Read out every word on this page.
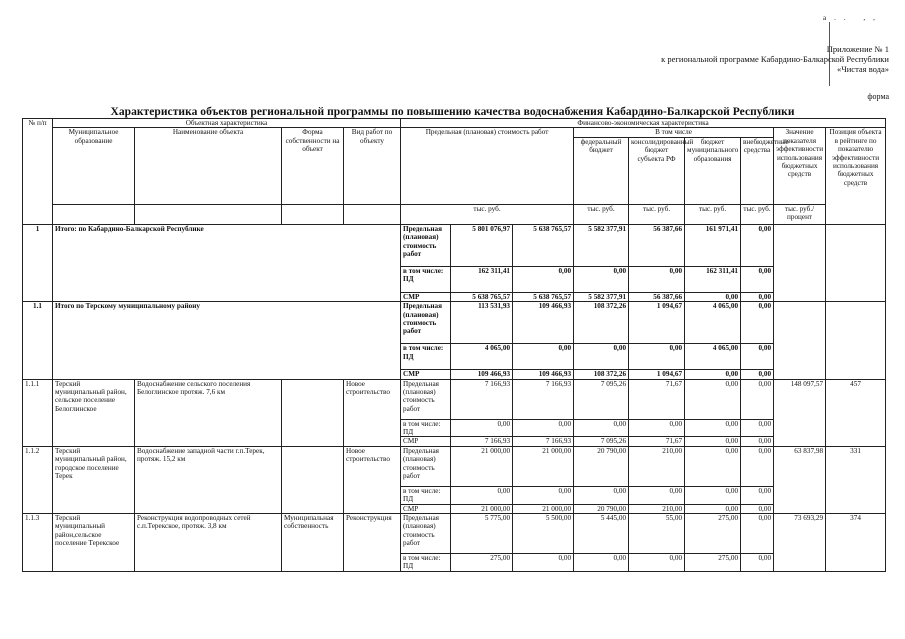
a.. ,,
Приложение № 1
к региональной программе Кабардино-Балкарской Республики
«Чистая вода»
форма
Характеристика объектов региональной программы по повышению качества водоснабжения Кабардино-Балкарской Республики
№ п/п	Объектная характеристика				Финансово-экономическая характеристика								
	Муниципальное образование	Наименование объекта	Форма собственности на объект	Вид работ по объекту	Предельная (плановая) стоимость работ			В том числе				Значение показателя эффективности использования бюджетных средств	Позиция объекта в рейтинге по показателю эффективности использования бюджетных средств
								федеральный бюджет	консолидированный бюджет субъекта РФ	бюджет муниципального образования	внебюджетные средства		
					тыс. руб.			тыс. руб.	тыс. руб.	тыс. руб.	тыс. руб.	тыс. руб./ процент	
1	Итого: по Кабардино-Балкарской Республике				Предельная (плановая) стоимость работ	5 801 076,97	5 638 765,57	5 582 377,91	56 387,66	161 971,41	0,00		
					в том числе: ПД	162 311,41	0,00	0,00	0,00	162 311,41	0,00		
					СМР	5 638 765,57	5 638 765,57	5 582 377,91	56 387,66	0,00	0,00		
1.1	Итого по Терскому муниципальному району				Предельная (плановая) стоимость работ	113 531,93	109 466,93	108 372,26	1 094,67	4 065,00	0,00		
					в том числе: ПД	4 065,00	0,00	0,00	0,00	4 065,00	0,00		
					СМР	109 466,93	109 466,93	108 372,26	1 094,67	0,00	0,00		
1.1.1	Терский муниципальный район, сельское поселение Белоглинское	Водоснабжение сельского поселения Белоглинское протяж. 7,6 км		Новое строительство	Предельная (плановая) стоимость работ	7 166,93	7 166,93	7 095,26	71,67	0,00	0,00	148 097,57	457
					в том числе: ПД	0,00	0,00	0,00	0,00	0,00	0,00		
					СМР	7 166,93	7 166,93	7 095,26	71,67	0,00	0,00		
1.1.2	Терский муниципальный район, городское поселение Терек	Водоснабжение западной части г.п.Терек, протяж. 15,2 км		Новое строительство	Предельная (плановая) стоимость работ	21 000,00	21 000,00	20 790,00	210,00	0,00	0,00	63 837,98	331
					в том числе: ПД	0,00	0,00	0,00	0,00	0,00	0,00		
					СМР	21 000,00	21 000,00	20 790,00	210,00	0,00	0,00		
1.1.3	Терский муниципальный район,сельское поселение Терекское	Реконструкция водопроводных сетей с.п.Терекское, протяж. 3,8 км	Муниципальная собственность	Реконструкция	Предельная (плановая) стоимость работ	5 775,00	5 500,00	5 445,00	55,00	275,00	0,00	73 693,29	374
					в том числе: ПД	275,00	0,00	0,00	0,00	275,00	0,00		
